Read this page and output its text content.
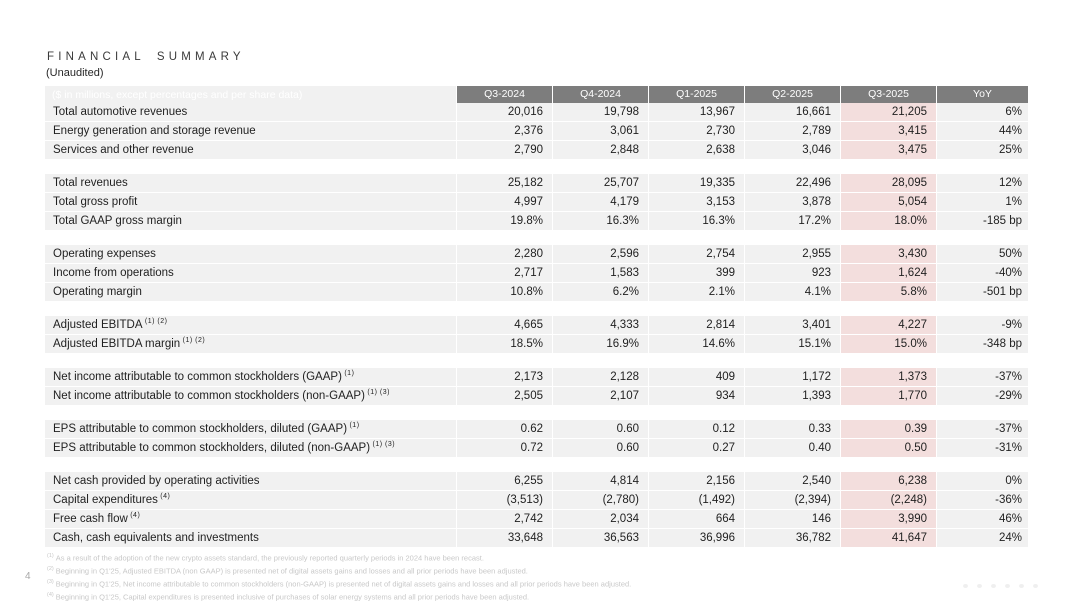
FINANCIAL SUMMARY
(Unaudited)
($ in millions, except percentages and per share data)	Q3-2024	Q4-2024	Q1-2025	Q2-2025	Q3-2025	YoY
Total automotive revenues	20,016	19,798	13,967	16,661	21,205	6%
Energy generation and storage revenue	2,376	3,061	2,730	2,789	3,415	44%
Services and other revenue	2,790	2,848	2,638	3,046	3,475	25%
Total revenues	25,182	25,707	19,335	22,496	28,095	12%
Total gross profit	4,997	4,179	3,153	3,878	5,054	1%
Total GAAP gross margin	19.8%	16.3%	16.3%	17.2%	18.0%	-185 bp
Operating expenses	2,280	2,596	2,754	2,955	3,430	50%
Income from operations	2,717	1,583	399	923	1,624	-40%
Operating margin	10.8%	6.2%	2.1%	4.1%	5.8%	-501 bp
Adjusted EBITDA $^{(1) (2)}$	4,665	4,333	2,814	3,401	4,227	-9%
Adjusted EBITDA margin $^{(1) (2)}$	18.5%	16.9%	14.6%	15.1%	15.0%	-348 bp
Net income attributable to common stockholders (GAAP) $^{(1)}$	2,173	2,128	409	1,172	1,373	-37%
Net income attributable to common stockholders (non-GAAP) $^{(1) (3)}$	2,505	2,107	934	1,393	1,770	-29%
EPS attributable to common stockholders, diluted (GAAP) $^{(1)}$	0.62	0.60	0.12	0.33	0.39	-37%
EPS attributable to common stockholders, diluted (non-GAAP) $^{(1) (3)}$	0.72	0.60	0.27	0.40	0.50	-31%
Net cash provided by operating activities	6,255	4,814	2,156	2,540	6,238	0%
Capital expenditures $^{(4)}$	(3,513)	(2,780)	(1,492)	(2,394)	(2,248)	-36%
Free cash flow $^{(4)}$	2,742	2,034	664	146	3,990	46%
Cash, cash equivalents and investments	33,648	36,563	36,996	36,782	41,647	24%
$^{(1)}$ As a result of the adoption of the new crypto assets standard, the previously reported quarterly periods in 2024 have been recast.
$^{(2)}$ Beginning in Q1'25, Adjusted EBITDA (non GAAP) is presented net of digital assets gains and losses and all prior periods have been adjusted.
$^{(3)}$ Beginning in Q1'25, Net income attributable to common stockholders (non-GAAP) is presented net of digital assets gains and losses and all prior periods have been adjusted.
$^{(4)}$ Beginning in Q1'25, Capital expenditures is presented inclusive of purchases of solar energy systems and all prior periods have been adjusted.
4
